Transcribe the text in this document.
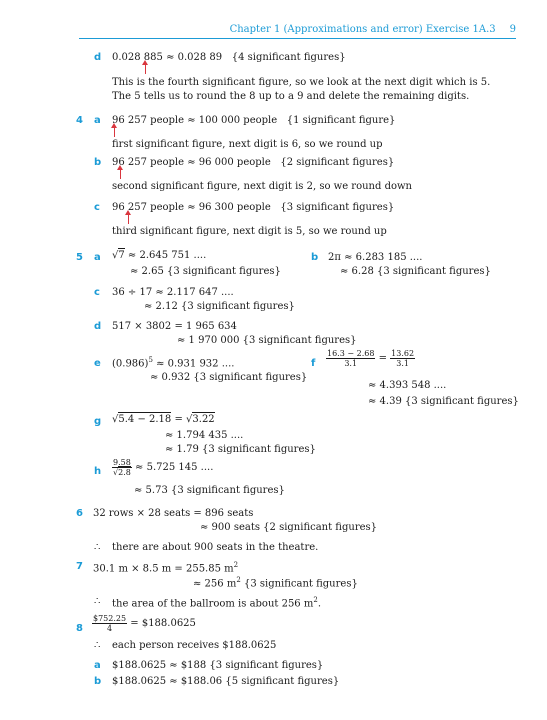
Chapter 1 (Approximations and error) Exercise 1A.3 9
d 0.028 885 ≈ 0.028 89 {4 significant figures}
This is the fourth significant figure, so we look at the next digit which is 5.
The 5 tells us to round the 8 up to a 9 and delete the remaining digits.
4 a 96 257 people ≈ 100 000 people {1 significant figure}
first significant figure, next digit is 6, so we round up
b 96 257 people ≈ 96 000 people {2 significant figures}
second significant figure, next digit is 2, so we round down
c 96 257 people ≈ 96 300 people {3 significant figures}
third significant figure, next digit is 5, so we round up
5 a √7 ≈ 2.645 751 ....
≈ 2.65 {3 significant figures}
b 2π ≈ 6.283 185 ....
≈ 6.28 {3 significant figures}
c 36 ÷ 17 ≈ 2.117 647 ....
≈ 2.12 {3 significant figures}
d 517 × 3802 = 1 965 634
≈ 1 970 000 {3 significant figures}
e $(0.986)^5 \approx 0.931$ 932 ....
≈ 0.932 {3 significant figures}
f $\frac{16.3 - 2.68}{3.1} = \frac{13.62}{3.1}$
≈ 4.393 548 ....
≈ 4.39 {3 significant figures}
g √5.4 − 2.18 = √3.22
≈ 1.794 435 ....
≈ 1.79 {3 significant figures}
h $\frac{9.58}{√2.8} \approx 5.725$ 145 ....
≈ 5.73 {3 significant figures}
6 32 rows × 28 seats = 896 seats
≈ 900 seats {2 significant figures}
∴ there are about 900 seats in the theatre.
7 30.1 m × 8.5 m = 255.85 $m^2$
≈ 256 $m^2$ {3 significant figures}
∴ the area of the ballroom is about 256 $m^2$.
$8 \frac{\$752.25}{4}$ = $188.0625
∴ each person receives $188.0625
a $188.0625 ≈ $188 {3 significant figures}
b $188.0625 ≈ $188.06 {5 significant figures}
